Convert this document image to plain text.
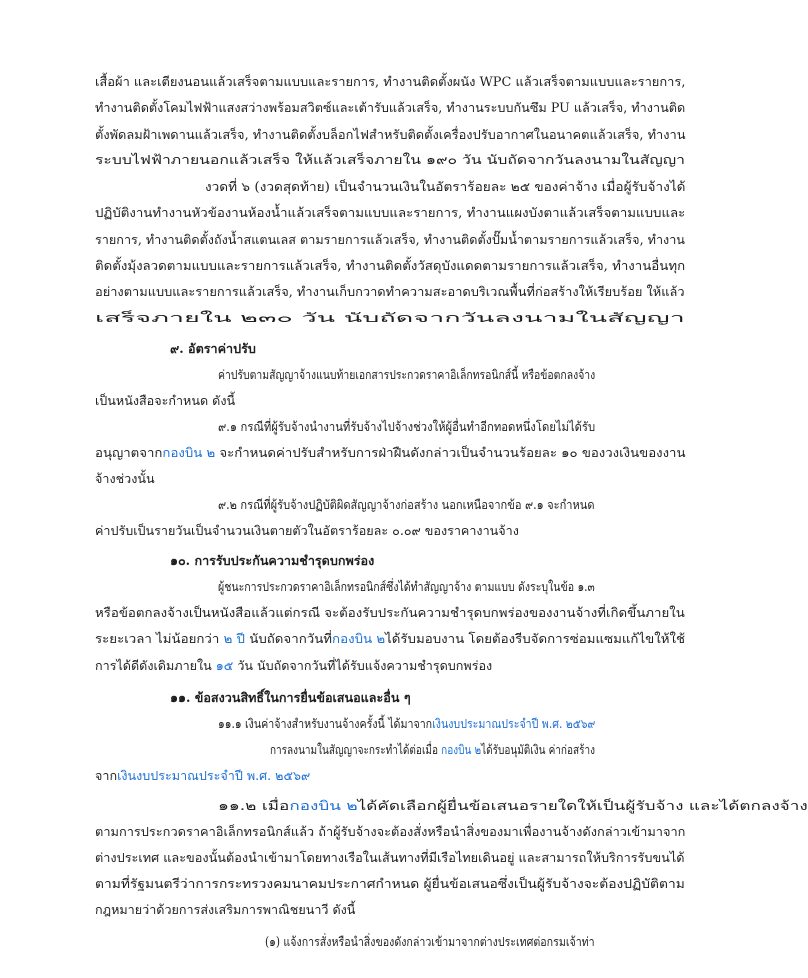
เสื้อผ้า และเตียงนอนแล้วเสร็จตามแบบและรายการ, ทำงานติดตั้งผนัง WPC แล้วเสร็จตามแบบและรายการ,
ทำงานติดตั้งโคมไฟฟ้าแสงสว่างพร้อมสวิตซ์และเต้ารับแล้วเสร็จ, ทำงานระบบกันซึม PU แล้วเสร็จ, ทำงานติด
ตั้งพัดลมฝ้าเพดานแล้วเสร็จ, ทำงานติดตั้งบล็อกไฟสำหรับติดตั้งเครื่องปรับอากาศในอนาคตแล้วเสร็จ, ทำงาน
ระบบไฟฟ้าภายนอกแล้วเสร็จ ให้แล้วเสร็จภายใน ๑๙๐ วัน นับถัดจากวันลงนามในสัญญา
งวดที่ ๖ (งวดสุดท้าย) เป็นจำนวนเงินในอัตราร้อยละ ๒๕ ของค่าจ้าง เมื่อผู้รับจ้างได้
ปฏิบัติงานทำงานหัวข้องานห้องน้ำแล้วเสร็จตามแบบและรายการ, ทำงานแผงบังตาแล้วเสร็จตามแบบและ
รายการ, ทำงานติดตั้งถังน้ำสแตนเลส ตามรายการแล้วเสร็จ, ทำงานติดตั้งปั๊มน้ำตามรายการแล้วเสร็จ, ทำงาน
ติดตั้งมุ้งลวดตามแบบและรายการแล้วเสร็จ, ทำงานติดตั้งวัสดุบังแดดตามรายการแล้วเสร็จ, ทำงานอื่นทุก
อย่างตามแบบและรายการแล้วเสร็จ, ทำงานเก็บกวาดทำความสะอาดบริเวณพื้นที่ก่อสร้างให้เรียบร้อย ให้แล้ว
เสร็จภายใน ๒๓๐ วัน นับถัดจากวันลงนามในสัญญา
๙. อัตราค่าปรับ
ค่าปรับตามสัญญาจ้างแนบท้ายเอกสารประกวดราคาอิเล็กทรอนิกส์นี้ หรือข้อตกลงจ้าง
เป็นหนังสือจะกำหนด ดังนี้
๙.๑ กรณีที่ผู้รับจ้างนำงานที่รับจ้างไปจ้างช่วงให้ผู้อื่นทำอีกทอดหนึ่งโดยไม่ได้รับ
อนุญาตจากกองบิน ๒ จะกำหนดค่าปรับสำหรับการฝ่าฝืนดังกล่าวเป็นจำนวนร้อยละ ๑๐ ของวงเงินของงาน
จ้างช่วงนั้น
๙.๒ กรณีที่ผู้รับจ้างปฏิบัติผิดสัญญาจ้างก่อสร้าง นอกเหนือจากข้อ ๙.๑ จะกำหนด
ค่าปรับเป็นรายวันเป็นจำนวนเงินตายตัวในอัตราร้อยละ ๐.๐๙ ของราคางานจ้าง
๑๐. การรับประกันความชำรุดบกพร่อง
ผู้ชนะการประกวดราคาอิเล็กทรอนิกส์ซึ่งได้ทำสัญญาจ้าง ตามแบบ ดังระบุในข้อ ๑.๓
หรือข้อตกลงจ้างเป็นหนังสือแล้วแต่กรณี จะต้องรับประกันความชำรุดบกพร่องของงานจ้างที่เกิดขึ้นภายใน
ระยะเวลา ไม่น้อยกว่า ๒ ปี นับถัดจากวันที่กองบิน ๒ได้รับมอบงาน โดยต้องรีบจัดการซ่อมแซมแก้ไขให้ใช้
การได้ดีดังเดิมภายใน ๑๕ วัน นับถัดจากวันที่ได้รับแจ้งความชำรุดบกพร่อง
๑๑. ข้อสงวนสิทธิ์ในการยื่นข้อเสนอและอื่น ๆ
๑๑.๑ เงินค่าจ้างสำหรับงานจ้างครั้งนี้ ได้มาจากเงินงบประมาณประจำปี พ.ศ. ๒๕๖๙
การลงนามในสัญญาจะกระทำได้ต่อเมื่อ กองบิน ๒ได้รับอนุมัติเงิน ค่าก่อสร้าง
จากเงินงบประมาณประจำปี พ.ศ. ๒๕๖๙
๑๑.๒ เมื่อกองบิน ๒ได้คัดเลือกผู้ยื่นข้อเสนอรายใดให้เป็นผู้รับจ้าง และได้ตกลงจ้าง
ตามการประกวดราคาอิเล็กทรอนิกส์แล้ว ถ้าผู้รับจ้างจะต้องสั่งหรือนำสิ่งของมาเพื่องานจ้างดังกล่าวเข้ามาจาก
ต่างประเทศ และของนั้นต้องนำเข้ามาโดยทางเรือในเส้นทางที่มีเรือไทยเดินอยู่ และสามารถให้บริการรับขนได้
ตามที่รัฐมนตรีว่าการกระทรวงคมนาคมประกาศกำหนด ผู้ยื่นข้อเสนอซึ่งเป็นผู้รับจ้างจะต้องปฏิบัติตาม
กฎหมายว่าด้วยการส่งเสริมการพาณิชยนาวี ดังนี้
(๑) แจ้งการสั่งหรือนำสิ่งของดังกล่าวเข้ามาจากต่างประเทศต่อกรมเจ้าท่า
